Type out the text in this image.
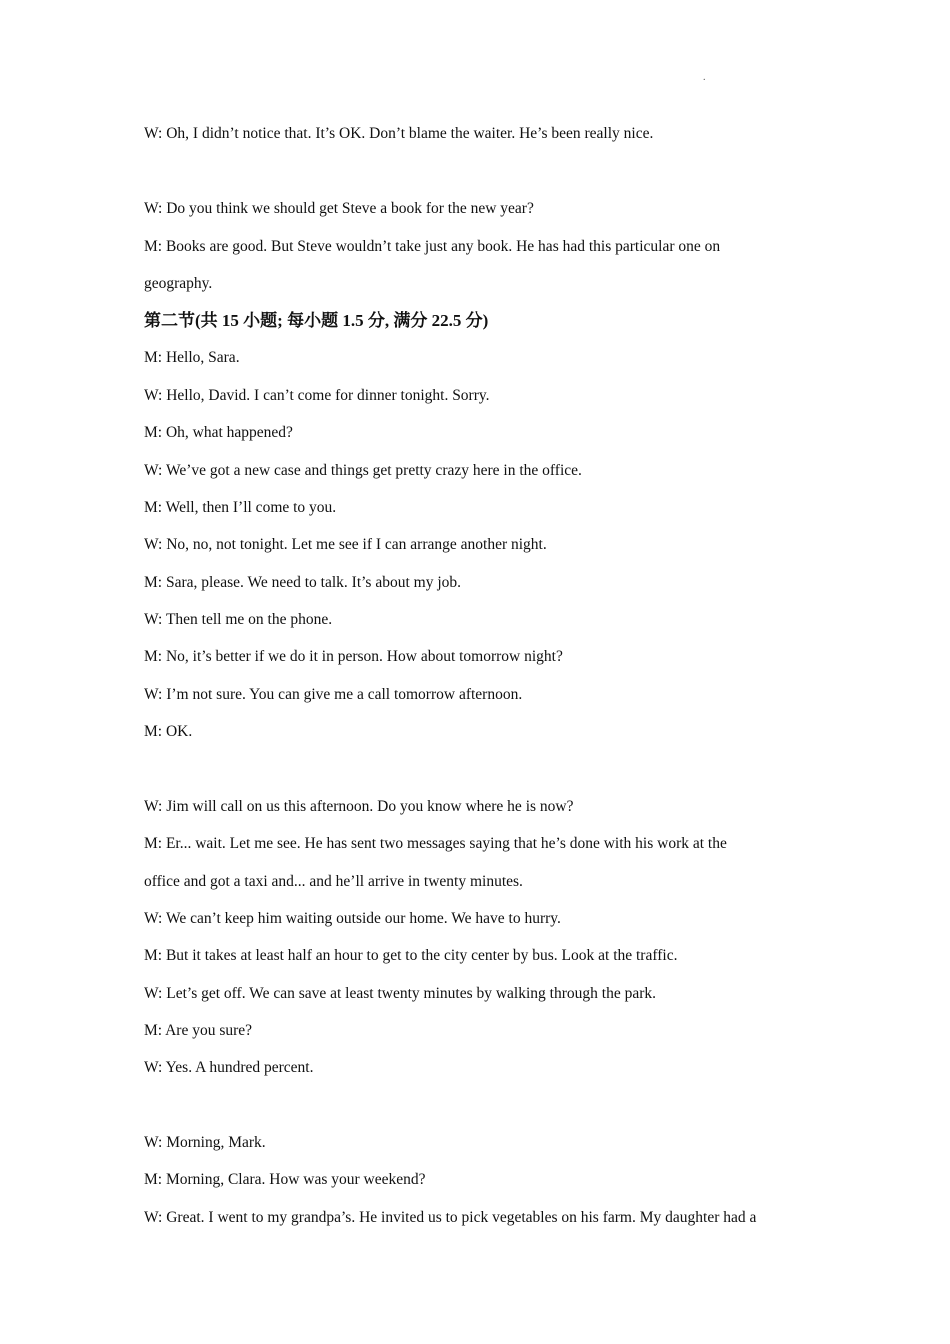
.
W: Oh, I didn’t notice that. It’s OK. Don’t blame the waiter. He’s been really nice.
W: Do you think we should get Steve a book for the new year?
M: Books are good. But Steve wouldn’t take just any book. He has had this particular one on
geography.
第二节(共 15 小题; 每小题 1.5 分, 满分 22.5 分)
M: Hello, Sara.
W: Hello, David. I can’t come for dinner tonight. Sorry.
M: Oh, what happened?
W: We’ve got a new case and things get pretty crazy here in the office.
M: Well, then I’ll come to you.
W: No, no, not tonight. Let me see if I can arrange another night.
M: Sara, please. We need to talk. It’s about my job.
W: Then tell me on the phone.
M: No, it’s better if we do it in person. How about tomorrow night?
W: I’m not sure. You can give me a call tomorrow afternoon.
M: OK.
W: Jim will call on us this afternoon. Do you know where he is now?
M: Er... wait. Let me see. He has sent two messages saying that he’s done with his work at the
office and got a taxi and... and he’ll arrive in twenty minutes.
W: We can’t keep him waiting outside our home. We have to hurry.
M: But it takes at least half an hour to get to the city center by bus. Look at the traffic.
W: Let’s get off. We can save at least twenty minutes by walking through the park.
M: Are you sure?
W: Yes. A hundred percent.
W: Morning, Mark.
M: Morning, Clara. How was your weekend?
W: Great. I went to my grandpa’s. He invited us to pick vegetables on his farm. My daughter had a
